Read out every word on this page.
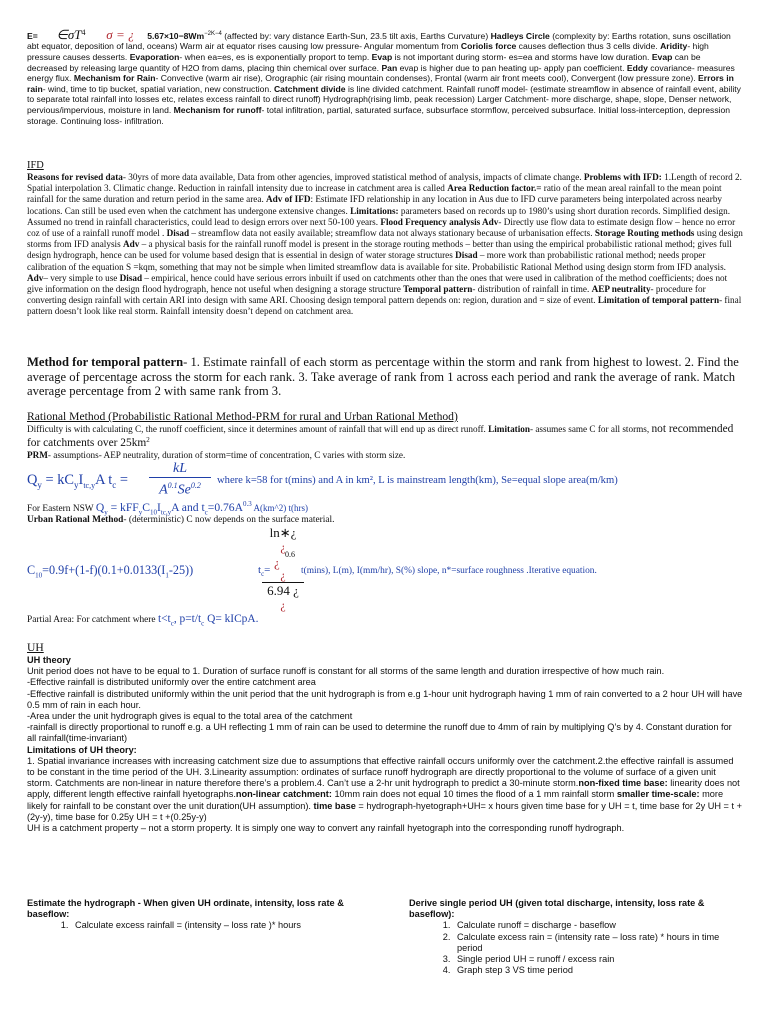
$E= \in\sigma T^4$ σ = ¿ $5.67\times 10-8Wm^{-2K-4}$ (affected by: vary distance Earth-Sun, 23.5 tilt axis, Earths Curvature) Hadleys Circle (complexity by: Earths rotation, suns oscillation abt equator, deposition of land, oceans) Warm air at equator rises causing low pressure- Angular momentum from Coriolis force causes deflection thus 3 cells divide. Aridity- high pressure causes desserts. Evaporation- when ea=es, es is exponentially proport to temp. Evap is not important during storm- es=ea and storms have low duration. Evap can be decreased by releasing large quantity of H2O from dams, placing thin chemical over surface. Pan evap is higher due to pan heating up- apply pan coefficient. Eddy covariance- measures energy flux. Mechanism for Rain- Convective (warm air rise), Orographic (air rising mountain condenses), Frontal (warm air front meets cool), Convergent (low pressure zone). Errors in rain- wind, time to tip bucket, spatial variation, new construction. Catchment divide is line divided catchment. Rainfall runoff model- (estimate streamflow in absence of rainfall event, ability to separate total rainfall into losses etc, relates excess rainfall to direct runoff) Hydrograph(rising limb, peak recession) Larger Catchment- more discharge, shape, slope, Denser network, pervious/impervious, moisture in land. Mechanism for runoff- total infiltration, partial, saturated surface, subsurface stormflow, perceived subsurface. Initial loss-interception, depression storage. Continuing loss- infiltration.

IFD

Reasons for revised data- 30yrs of more data available, Data from other agencies, improved statistical method of analysis, impacts of climate change. Problems with IFD: 1.Length of record 2. Spatial interpolation 3. Climatic change. Reduction in rainfall intensity due to increase in catchment area is called Area Reduction factor.= ratio of the mean areal rainfall to the mean point rainfall for the same duration and return period in the same area. Adv of IFD: Estimate IFD relationship in any location in Aus due to IFD curve parameters being interpolated across nearby locations. Can still be used even when the catchment has undergone extensive changes. Limitations: parameters based on records up to 1980’s using short duration records. Simplified design. Assumed no trend in rainfall characteristics, could lead to design errors over next 50-100 years. Flood Frequency analysis Adv- Directly use flow data to estimate design flow – hence no error coz of use of a rainfall runoff model . Disad – streamflow data not easily available; streamflow data not always stationary because of urbanisation effects. Storage Routing methods using design storms from IFD analysis Adv – a physical basis for the rainfall runoff model is present in the storage routing methods – better than using the empirical probabilistic rational method; gives full design hydrograph, hence can be used for volume based design that is essential in design of water storage structures Disad – more work than probabilistic rational method; needs proper calibration of the equation S =kqm, something that may not be simple when limited streamflow data is available for site. Probabilistic Rational Method using design storm from IFD analysis. Adv– very simple to use Disad – empirical, hence could have serious errors inbuilt if used on catchments other than the ones that were used in calibration of the method coefficients; does not give information on the design flood hydrograph, hence not useful when designing a storage structure Temporal pattern- distribution of rainfall in time. AEP neutrality- procedure for converting design rainfall with certain ARI into design with same ARI. Choosing design temporal pattern depends on: region, duration and = size of event. Limitation of temporal pattern- final pattern doesn’t look like real storm. Rainfall intensity doesn’t depend on catchment area.

Method for temporal pattern- 1. Estimate rainfall of each storm as percentage within the storm and rank from highest to lowest. 2. Find the average of percentage across the storm for each rank. 3. Take average of rank from 1 across each period and rank the average of rank. Match average percentage from 2 with same rank from 3.

Rational Method (Probabilistic Rational Method-PRM for rural and Urban Rational Method)

Difficulty is with calculating C, the runoff coefficient, since it determines amount of rainfall that will end up as direct runoff. Limitation- assumes same C for all storms, not recommended for catchments over $25km^2$

PRM- assumptions- AEP neutrality, duration of storm=time of concentration, C varies with storm size.

$Q_y = kC_yI_{tc,y}A$ $t_c$ =
kL
$A^{0.1}Se^{0.2}$	where k=58 for t(mins) and A in km², L is mainstream length(km), Se=equal slope area(m/km)
For Eastern NSW $Q_y = kFF_yC_{10}I_{tc,y}A$ and $t_c=0.76A^{0.3}$ A(km^2) t(hrs)
Urban Rational Method- (deterministic) C now depends on the surface material.
$C_{10}=0.9f+(1-f)(0.1+0.0133(I_1-25))$	$t_c=$
ln∗¿
¿
¿
0.6
¿
6.94 ¿
¿
t(mins), L(m), I(mm/hr), S(%) slope, n*=surface roughness .Iterative equation.
Partial Area: For catchment where $t<t_c$, $p=t/t_c$ Q= kICpA.
UH

UH theory

Unit period does not have to be equal to 1. Duration of surface runoff is constant for all storms of the same length and duration irrespective of how much rain.

-Effective rainfall is distributed uniformly over the entire catchment area

-Effective rainfall is distributed uniformly within the unit period that the unit hydrograph is from e.g 1-hour unit hydrograph having 1 mm of rain converted to a 2 hour UH will have 0.5 mm of rain in each hour.

-Area under the unit hydrograph gives is equal to the total area of the catchment

-rainfall is directly proportional to runoff e.g. a UH reflecting 1 mm of rain can be used to determine the runoff due to 4mm of rain by multiplying Q’s by 4. Constant duration for all rainfall(time-invariant)

Limitations of UH theory:

1. Spatial invariance increases with increasing catchment size due to assumptions that effective rainfall occurs uniformly over the catchment.2.the effective rainfall is assumed to be constant in the time period of the UH. 3.Linearity assumption: ordinates of surface runoff hydrograph are directly proportional to the volume of surface of a given unit storm. Catchments are non-linear in nature therefore there’s a problem.4. Can’t use a 2-hr unit hydrograph to predict a 30-minute storm.non-fixed time base: linearity does not apply, different length effective rainfall hyetographs.non-linear catchment: 10mm rain does not equal 10 times the flood of a 1 mm rainfall storm smaller time-scale: more likely for rainfall to be constant over the unit duration(UH assumption). time base = hydrograph-hyetograph+UH= x hours given time base for y UH = t, time base for 2y UH = t + (2y-y), time base for 0.25y UH = t +(0.25y-y)

UH is a catchment property – not a storm property. It is simply one way to convert any rainfall hyetograph into the corresponding runoff hydrograph.

Estimate the hydrograph - When given UH ordinate, intensity, loss rate & baseflow:

1. Calculate excess rainfall = (intensity – loss rate )* hours

Derive single period UH (given total discharge, intensity, loss rate & baseflow):

1. Calculate runoff = discharge - baseflow
2. Calculate excess rain = (intensity rate – loss rate) * hours in time period
3. Single period UH = runoff / excess rain
4. Graph step 3 VS time period
